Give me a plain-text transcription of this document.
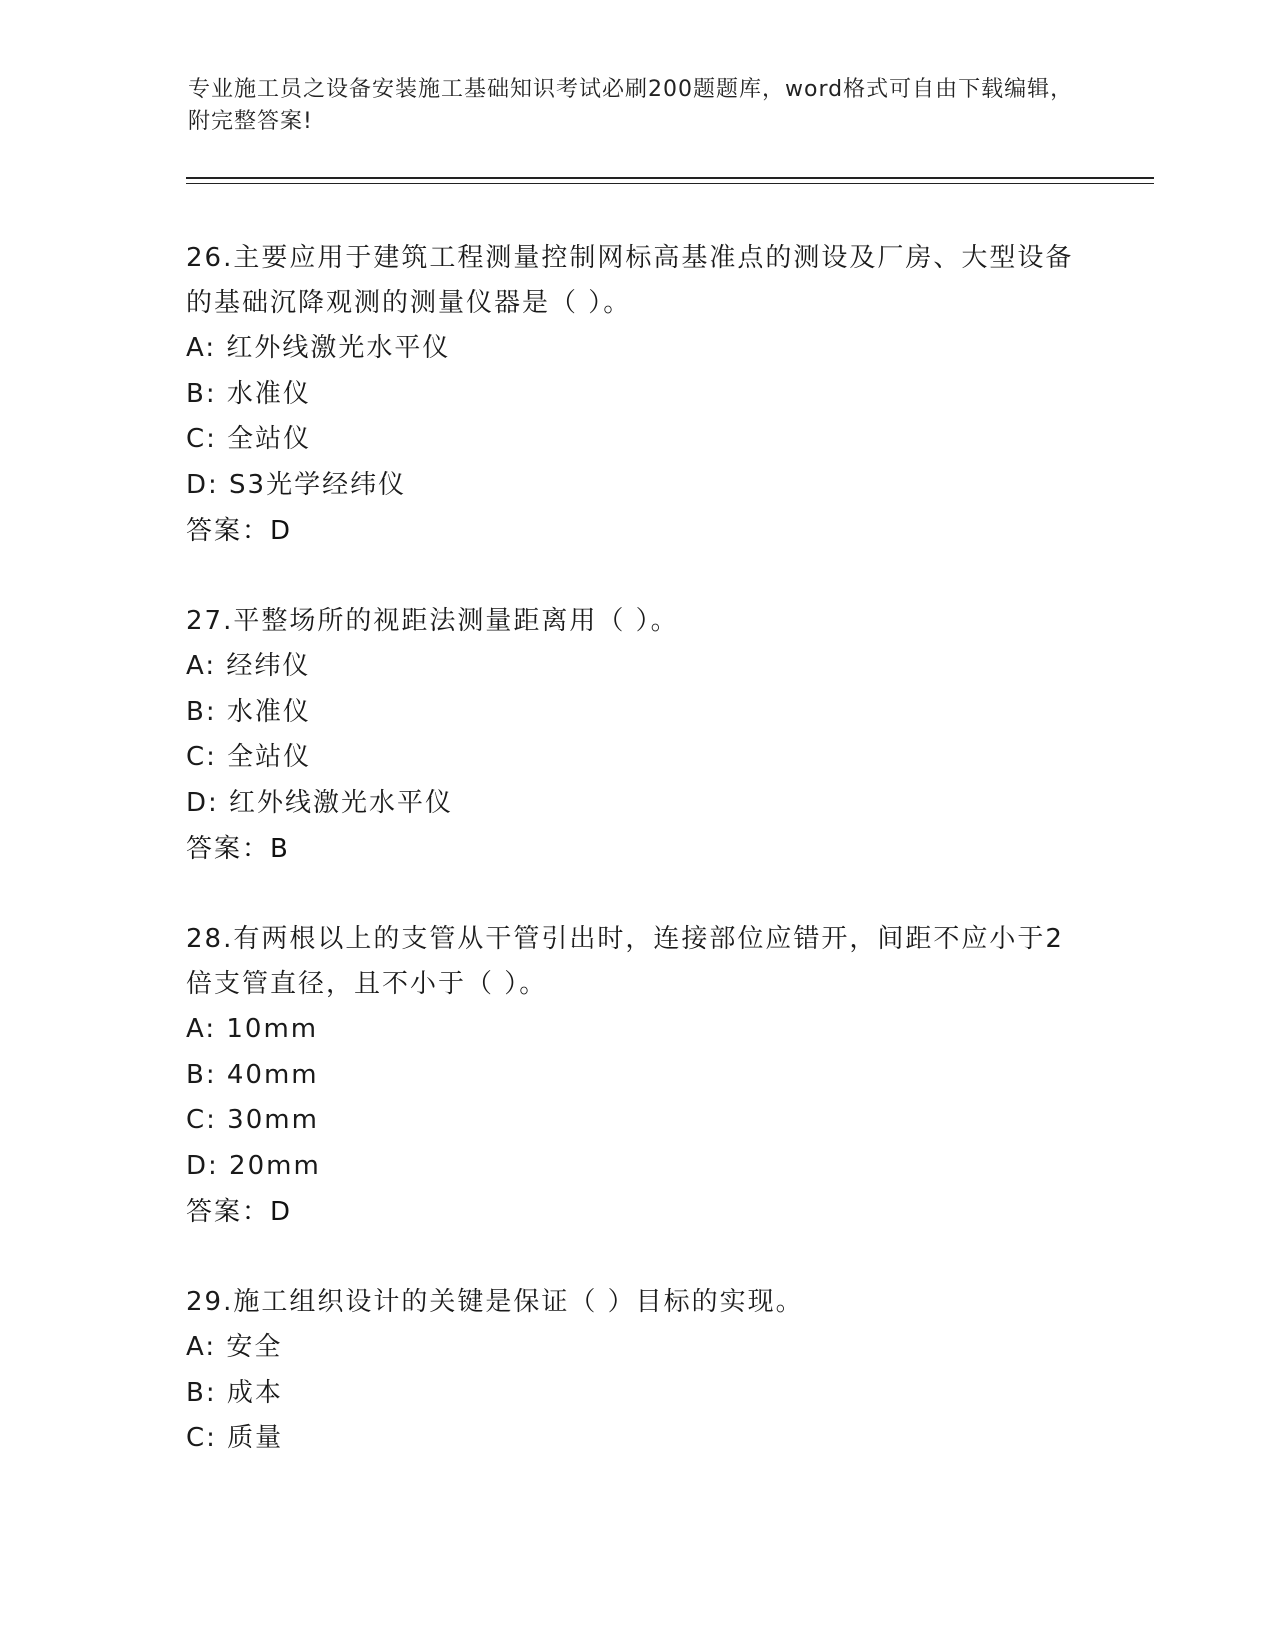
专业施工员之设备安装施工基础知识考试必刷200题题库，word格式可自由下载编辑，附完整答案!

26.主要应用于建筑工程测量控制网标高基准点的测设及厂房、大型设备的基础沉降观测的测量仪器是（ ）。

A: 红外线激光水平仪

B: 水准仪

C: 全站仪

D: S3光学经纬仪

答案：D

27.平整场所的视距法测量距离用（ ）。

A: 经纬仪

B: 水准仪

C: 全站仪

D: 红外线激光水平仪

答案：B

28.有两根以上的支管从干管引出时，连接部位应错开，间距不应小于2倍支管直径，且不小于（ ）。

A: 10mm

B: 40mm

C: 30mm

D: 20mm

答案：D

29.施工组织设计的关键是保证（ ）目标的实现。

A: 安全

B: 成本

C: 质量
